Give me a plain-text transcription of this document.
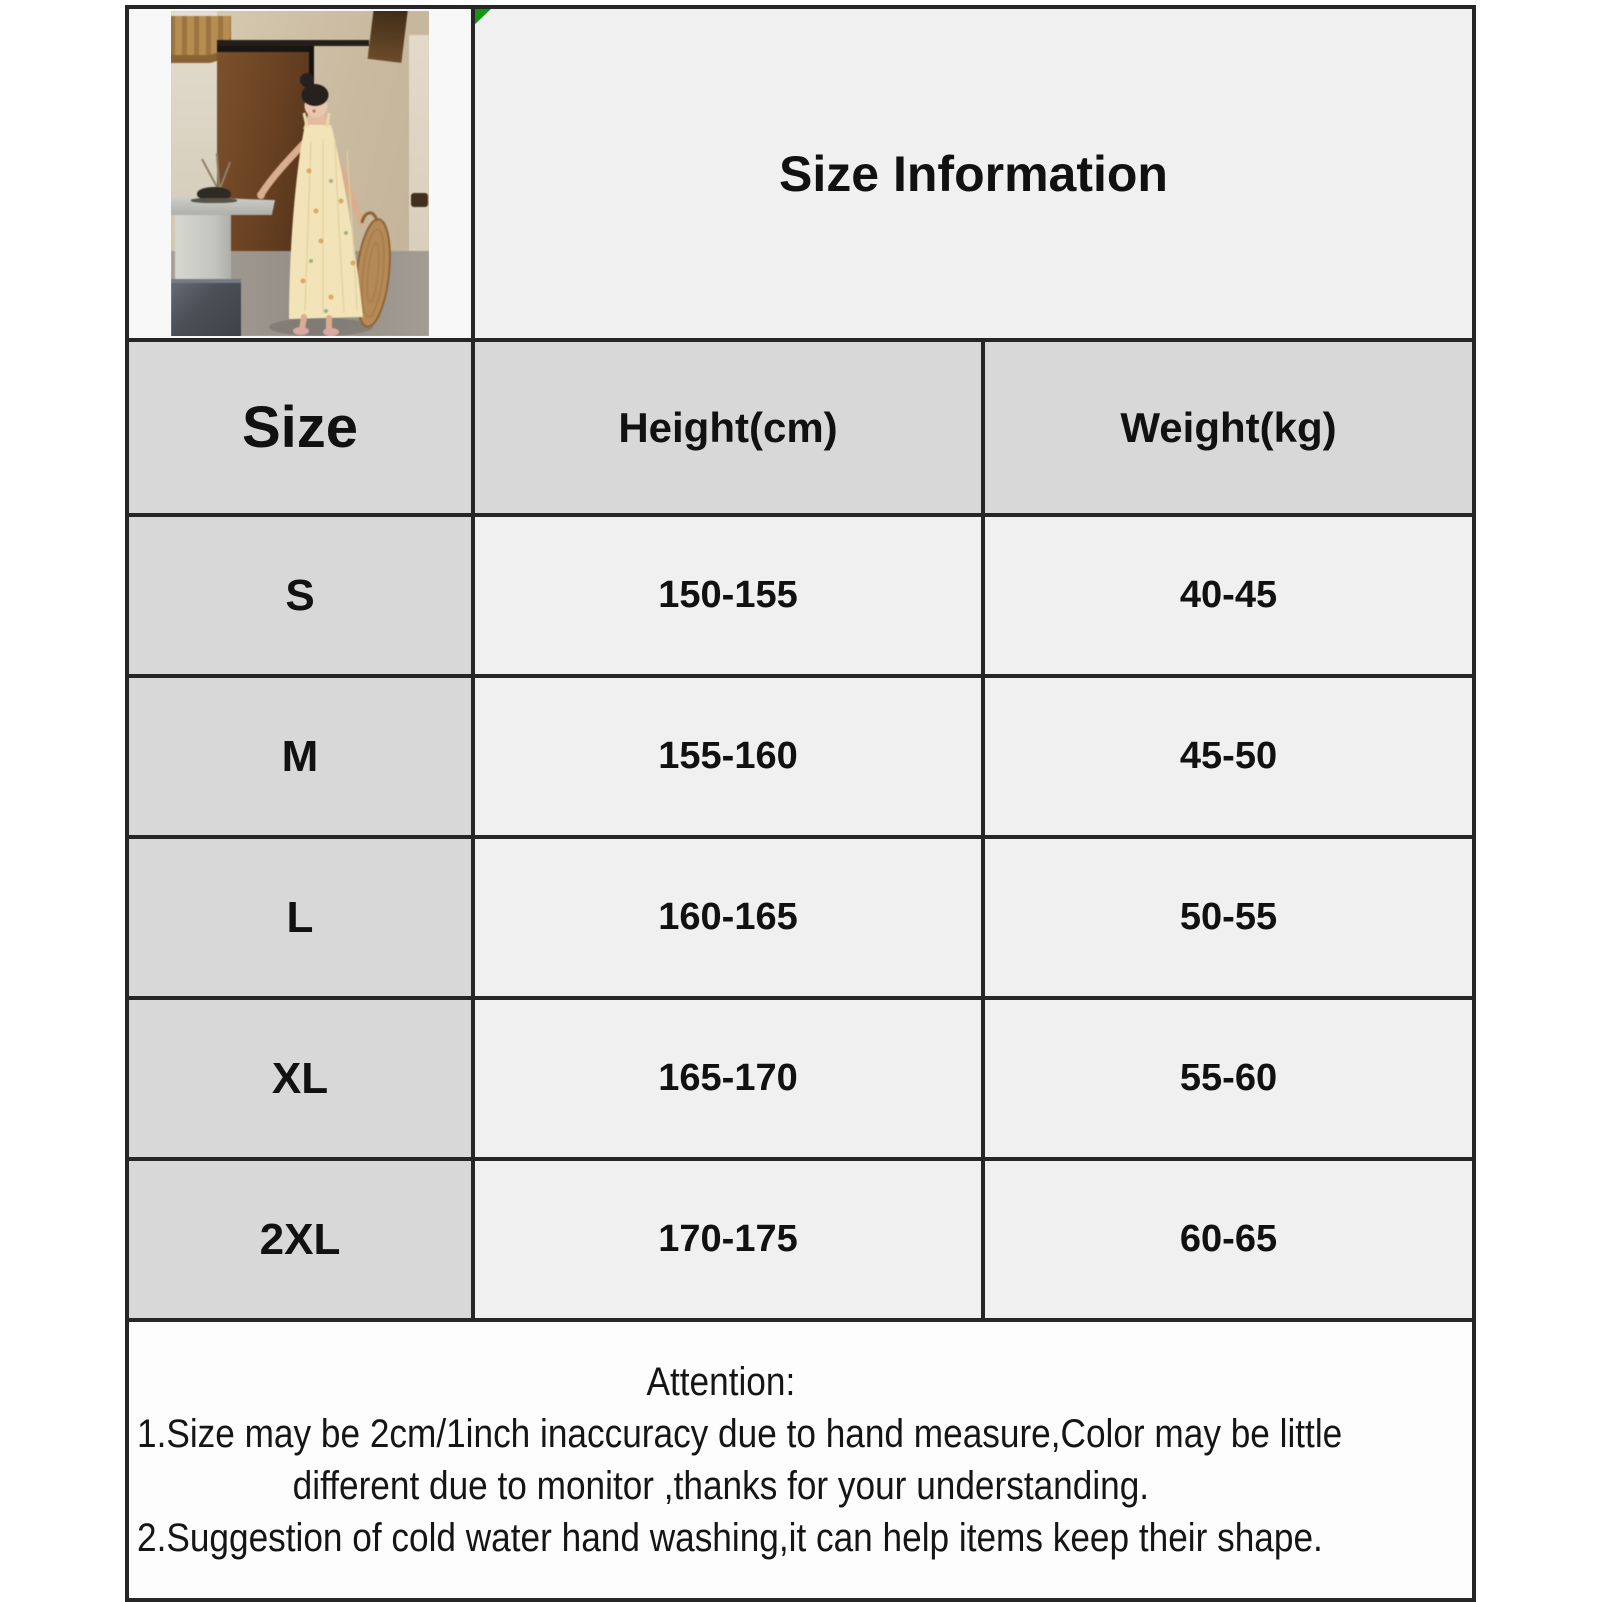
Size Information	
Size	Height(cm)	Weight(kg)
S	150-155	40-45
M	155-160	45-50
L	160-165	50-55
XL	165-170	55-60
2XL	170-175	60-65

Attention:
1.Size may be 2cm/1inch inaccuracy due to hand measure,Color may be little
different due to monitor ,thanks for your understanding.
2.Suggestion of cold water hand washing,it can help items keep their shape.		
